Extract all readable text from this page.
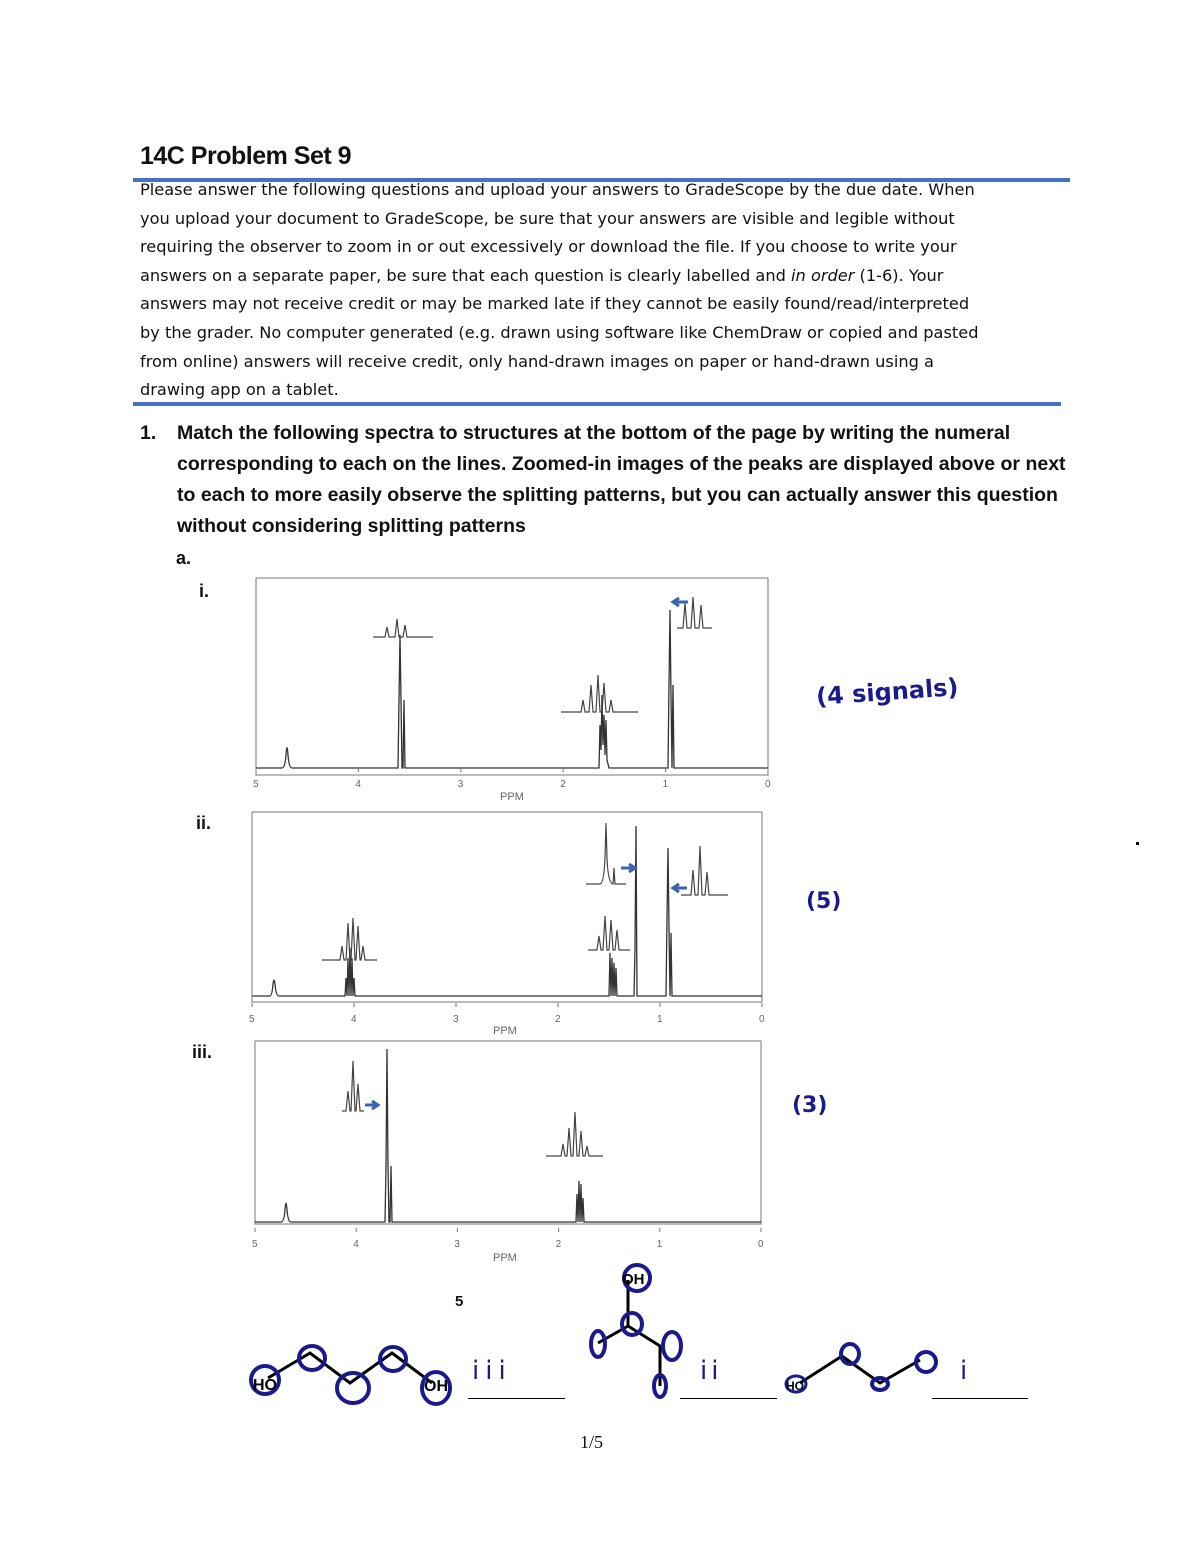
14C Problem Set 9

Please answer the following questions and upload your answers to GradeScope by the due date. When

you upload your document to GradeScope, be sure that your answers are visible and legible without

requiring the observer to zoom in or out excessively or download the file. If you choose to write your

answers on a separate paper, be sure that each question is clearly labelled and in order (1-6). Your

answers may not receive credit or may be marked late if they cannot be easily found/read/interpreted

by the grader. No computer generated (e.g. drawn using software like ChemDraw or copied and pasted

from online) answers will receive credit, only hand-drawn images on paper or hand-drawn using a

drawing app on a tablet.

1. Match the following spectra to structures at the bottom of the page by writing the numeral corresponding to each on the lines. Zoomed-in images of the peaks are displayed above or next to each to more easily observe the splitting patterns, but you can actually answer this question without considering splitting patterns
a.
i.
ii.
iii.
5	4	3	2	1	0
PPM
5	4	3	2	1	0
PPM
5	4	3	2	1	0
PPM
(4 signals)
(5)
(3)
5
HO	OH
OH
HO
iii	ii	i
1/5
